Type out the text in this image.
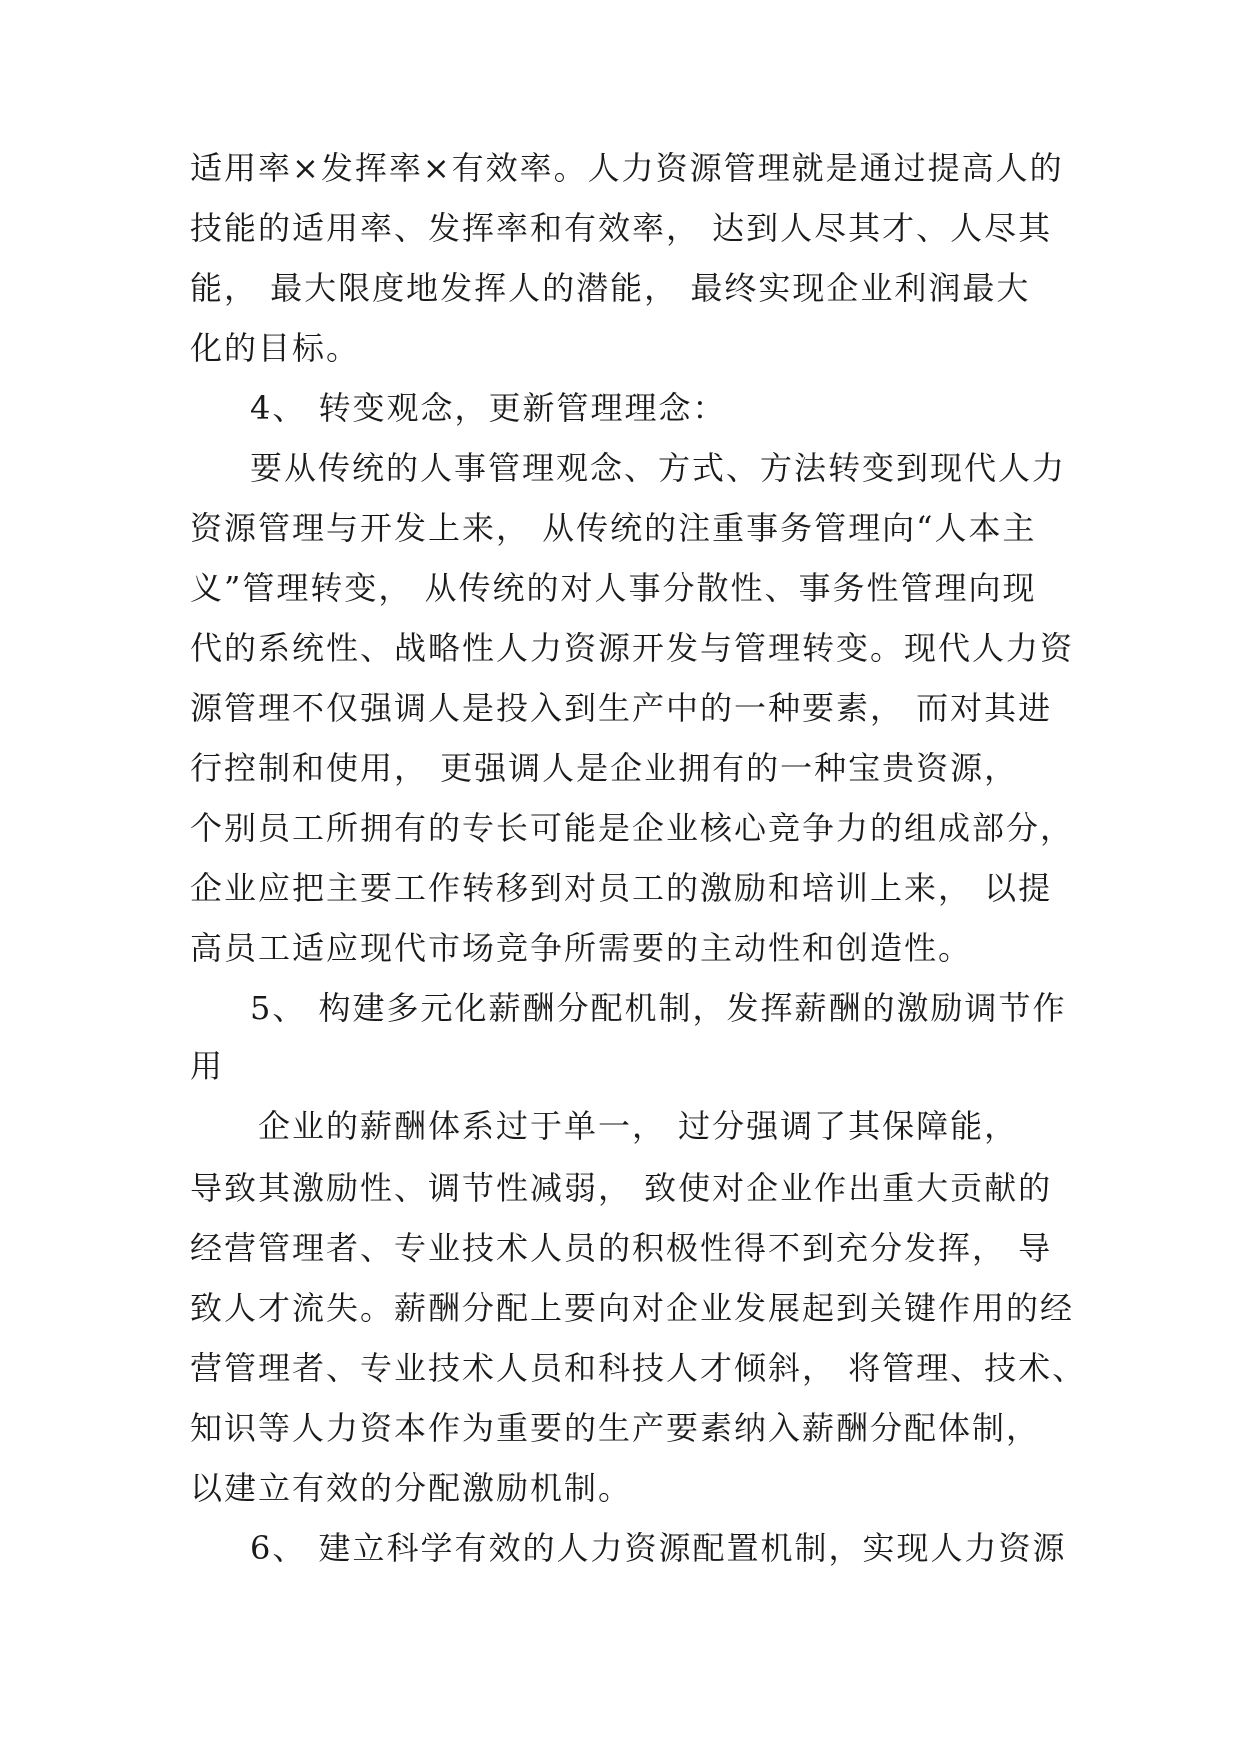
适用率×发挥率×有效率。人力资源管理就是通过提高人的
技能的适用率、发挥率和有效率， 达到人尽其才、人尽其
能， 最大限度地发挥人的潜能， 最终实现企业利润最大
化的目标。
4、 转变观念，更新管理理念：
要从传统的人事管理观念、方式、方法转变到现代人力
资源管理与开发上来， 从传统的注重事务管理向“人本主
义”管理转变， 从传统的对人事分散性、事务性管理向现
代的系统性、战略性人力资源开发与管理转变。现代人力资
源管理不仅强调人是投入到生产中的一种要素， 而对其进
行控制和使用， 更强调人是企业拥有的一种宝贵资源，
个别员工所拥有的专长可能是企业核心竞争力的组成部分，
企业应把主要工作转移到对员工的激励和培训上来， 以提
高员工适应现代市场竞争所需要的主动性和创造性。
5、 构建多元化薪酬分配机制，发挥薪酬的激励调节作
用
企业的薪酬体系过于单一， 过分强调了其保障能，
导致其激励性、调节性减弱， 致使对企业作出重大贡献的
经营管理者、专业技术人员的积极性得不到充分发挥， 导
致人才流失。薪酬分配上要向对企业发展起到关键作用的经
营管理者、专业技术人员和科技人才倾斜， 将管理、技术、
知识等人力资本作为重要的生产要素纳入薪酬分配体制，
以建立有效的分配激励机制。
6、 建立科学有效的人力资源配置机制，实现人力资源
